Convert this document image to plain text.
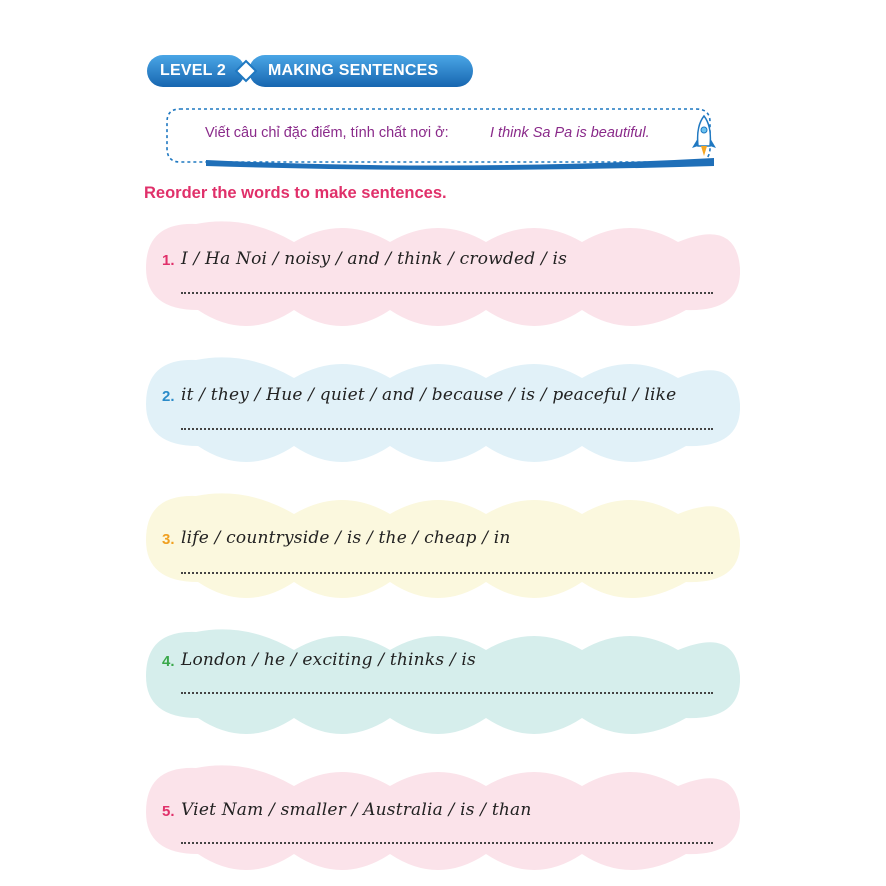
LEVEL 2	MAKING SENTENCES
Viết câu chỉ đặc điểm, tính chất nơi ở:	I think Sa Pa is beautiful.
Reorder the words to make sentences.
1. I / Ha Noi / noisy / and / think / crowded / is
2. it / they / Hue / quiet / and / because / is / peaceful / like
3. life / countryside / is / the / cheap / in
4. London / he / exciting / thinks / is
5. Viet Nam / smaller / Australia / is / than
